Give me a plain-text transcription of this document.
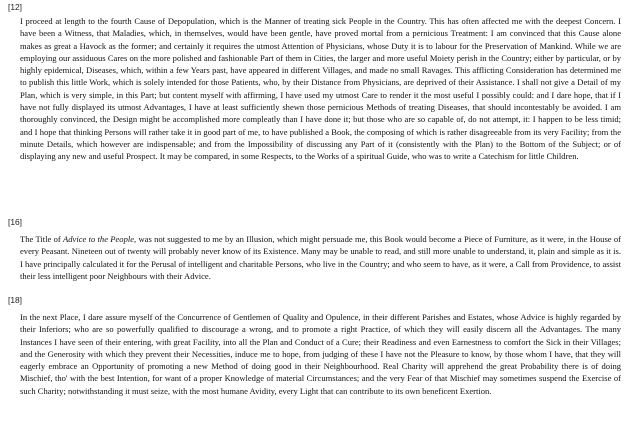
[12]

I proceed at length to the fourth Cause of Depopulation, which is the Manner of treating sick People in the Country. This has often affected me with the deepest Concern. I have been a Witness, that Maladies, which, in themselves, would have been gentle, have proved mortal from a pernicious Treatment: I am convinced that this Cause alone makes as great a Havock as the former; and certainly it requires the utmost Attention of Physicians, whose Duty it is to labour for the Preservation of Mankind. While we are employing our assiduous Cares on the more polished and fashionable Part of them in Cities, the larger and more useful Moiety perish in the Country; either by particular, or by highly epidemical, Diseases, which, within a few Years past, have appeared in different Villages, and made no small Ravages. This afflicting Consideration has determined me to publish this little Work, which is solely intended for those Patients, who, by their Distance from Physicians, are deprived of their Assistance. I shall not give a Detail of my Plan, which is very simple, in this Part; but content myself with affirming, I have used my utmost Care to render it the most useful I possibly could: and I dare hope, that if I have not fully displayed its utmost Advantages, I have at least sufficiently shewn those pernicious Methods of treating Diseases, that should incontestably be avoided. I am thoroughly convinced, the Design might be accomplished more compleatly than I have done it; but those who are so capable of, do not attempt, it: I happen to be less timid; and I hope that thinking Persons will rather take it in good part of me, to have published a Book, the composing of which is rather disagreeable from its very Facility; from the minute Details, which however are indispensable; and from the Impossibility of discussing any Part of it (consistently with the Plan) to the Bottom of the Subject; or of displaying any new and useful Prospect. It may be compared, in some Respects, to the Works of a spiritual Guide, who was to write a Catechism for little Children.

[16]

The Title of Advice to the People, was not suggested to me by an Illusion, which might persuade me, this Book would become a Piece of Furniture, as it were, in the House of every Peasant. Nineteen out of twenty will probably never know of its Existence. Many may be unable to read, and still more unable to understand, it, plain and simple as it is. I have principally calculated it for the Perusal of intelligent and charitable Persons, who live in the Country; and who seem to have, as it were, a Call from Providence, to assist their less intelligent poor Neighbours with their Advice.

[18]

In the next Place, I dare assure myself of the Concurrence of Gentlemen of Quality and Opulence, in their different Parishes and Estates, whose Advice is highly regarded by their Inferiors; who are so powerfully qualified to discourage a wrong, and to promote a right Practice, of which they will easily discern all the Advantages. The many Instances I have seen of their entering, with great Facility, into all the Plan and Conduct of a Cure; their Readiness and even Earnestness to comfort the Sick in their Villages; and the Generosity with which they prevent their Necessities, induce me to hope, from judging of these I have not the Pleasure to know, by those whom I have, that they will eagerly embrace an Opportunity of promoting a new Method of doing good in their Neighbourhood. Real Charity will apprehend the great Probability there is of doing Mischief, tho' with the best Intention, for want of a proper Knowledge of material Circumstances; and the very Fear of that Mischief may sometimes suspend the Exercise of such Charity; notwithstanding it must seize, with the most humane Avidity, every Light that can contribute to its own beneficent Exertion.
